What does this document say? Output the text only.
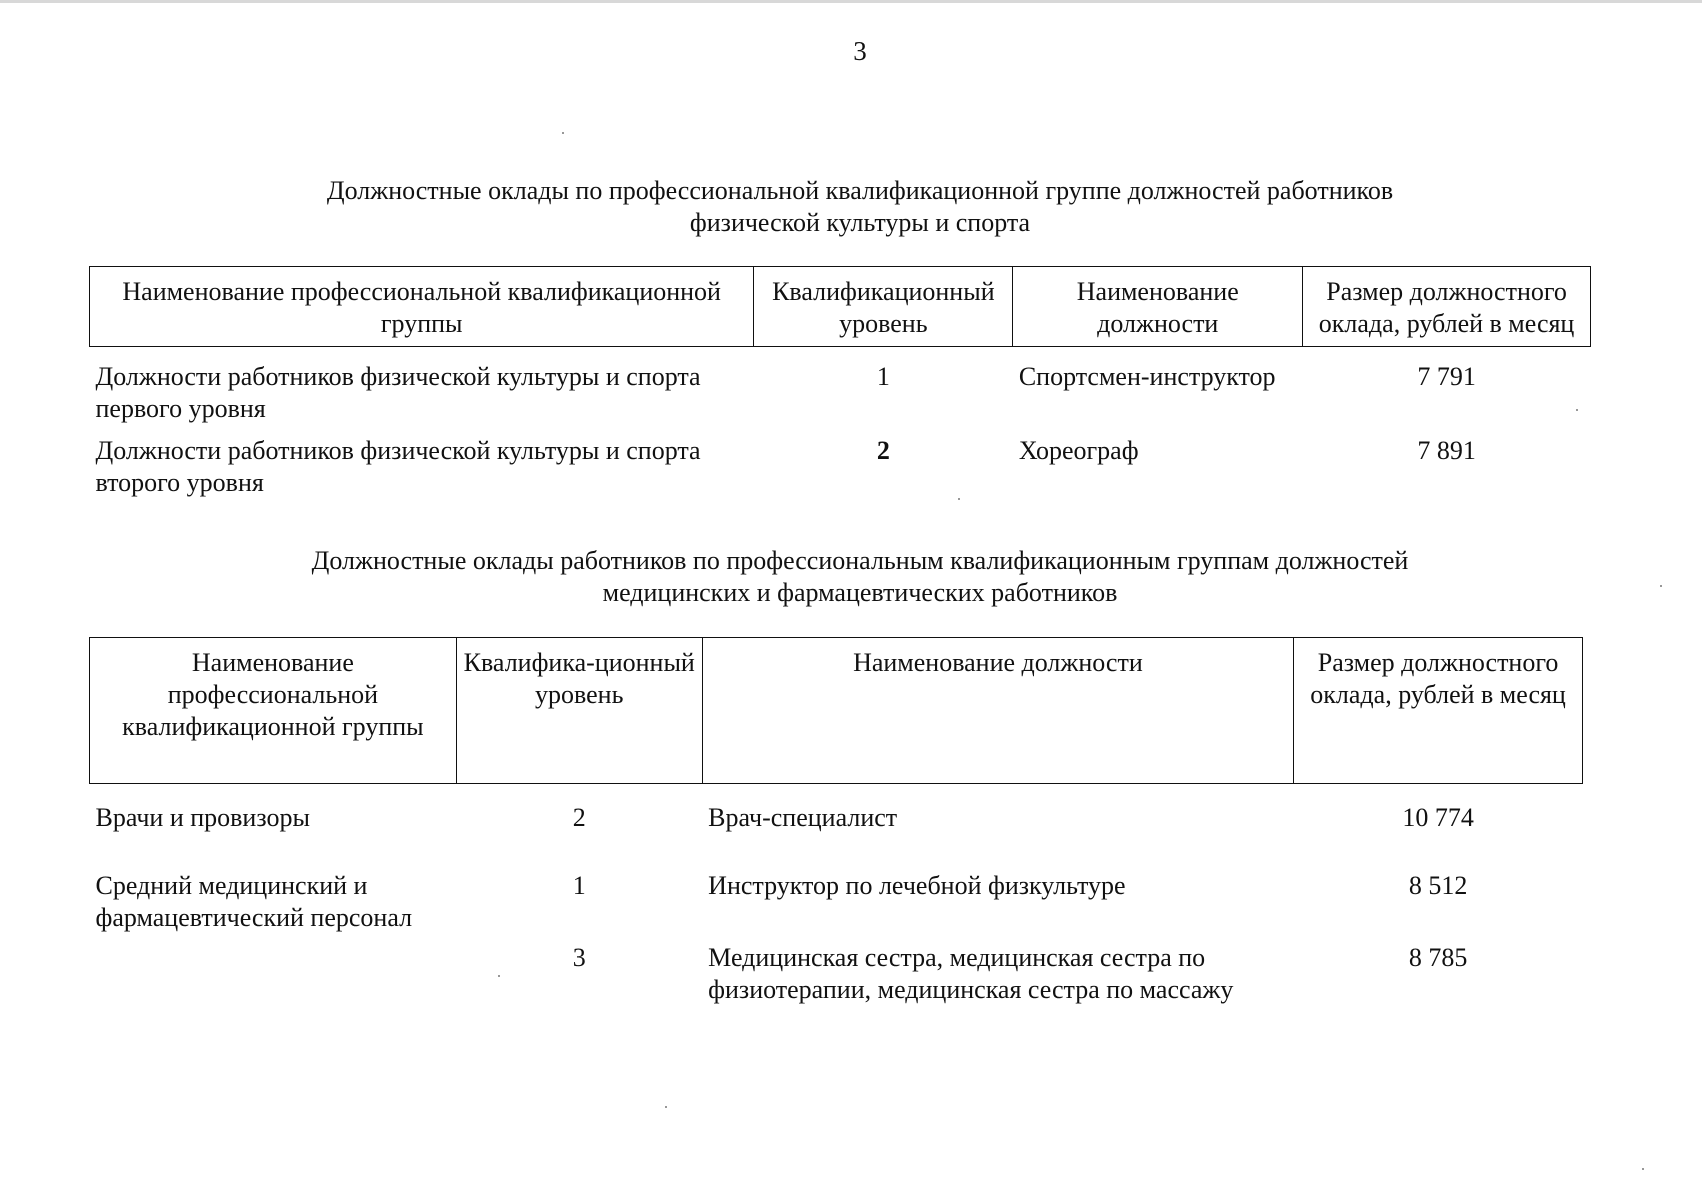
3
Должностные оклады по профессиональной квалификационной группе должностей работников
физической культуры и спорта
Наименование профессиональной квалификационной группы	Квалификационный уровень	Наименование должности	Размер должностного оклада, рублей в месяц
Должности работников физической культуры и спорта первого уровня	1	Спортсмен-инструктор	7 791
Должности работников физической культуры и спорта второго уровня	2	Хореограф	7 891
Должностные оклады работников по профессиональным квалификационным группам должностей
медицинских и фармацевтических работников
Наименование профессиональной квалификационной группы	Квалифика-ционный уровень	Наименование должности	Размер должностного оклада, рублей в месяц
Врачи и провизоры	2	Врач-специалист	10 774
Средний медицинский и фармацевтический персонал	1	Инструктор по лечебной физкультуре	8 512
	3	Медицинская сестра, медицинская сестра по физиотерапии, медицинская сестра по массажу	8 785
